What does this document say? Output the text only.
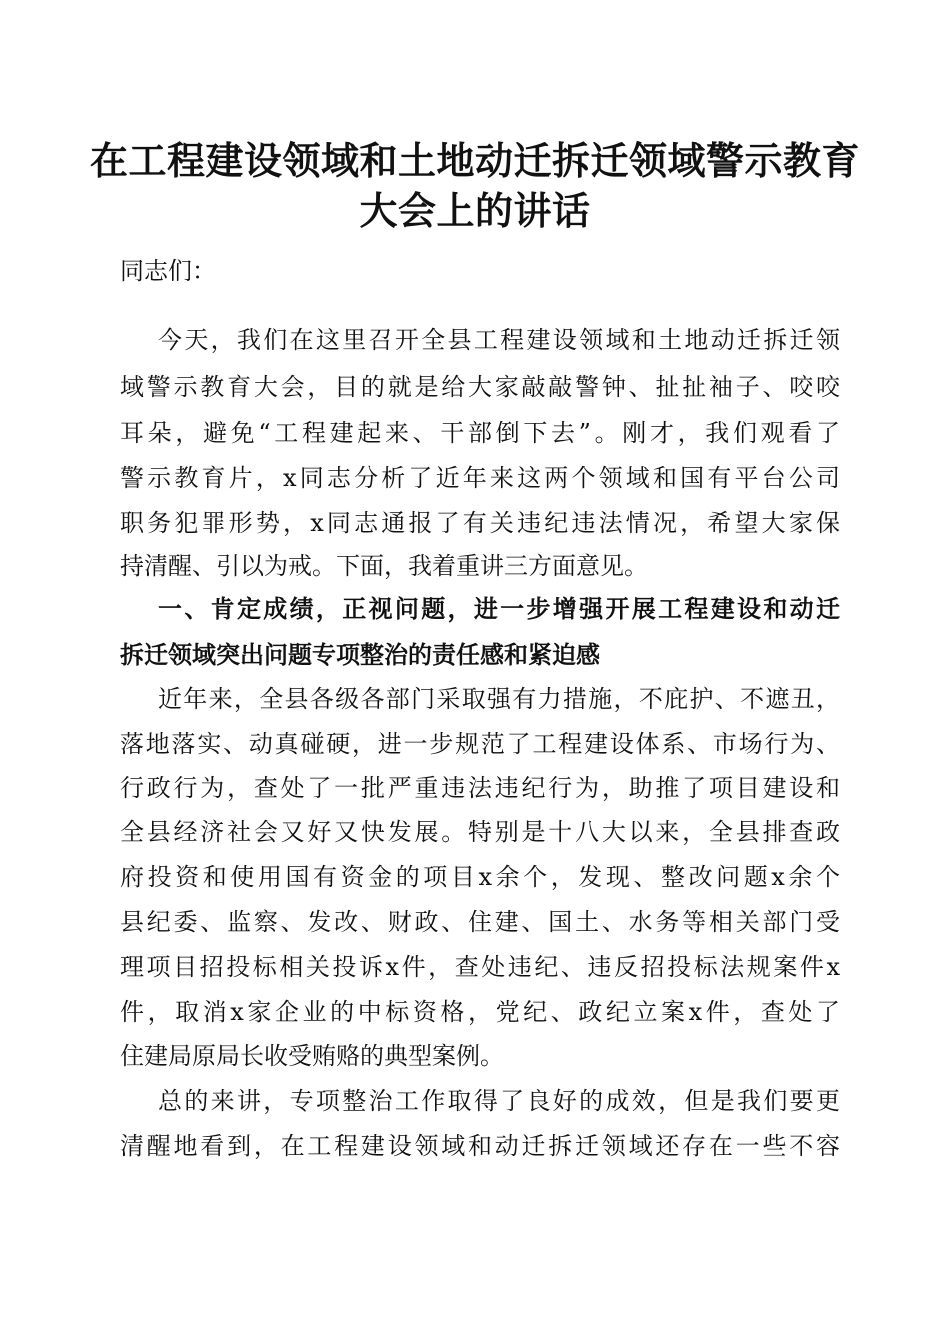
在工程建设领域和土地动迁拆迁领域警示教育
大会上的讲话
同志们：
今天，我们在这里召开全县工程建设领域和土地动迁拆迁领
域警示教育大会，目的就是给大家敲敲警钟、扯扯袖子、咬咬
耳朵，避免“工程建起来、干部倒下去”。刚才，我们观看了
警示教育片，x同志分析了近年来这两个领域和国有平台公司
职务犯罪形势，x同志通报了有关违纪违法情况，希望大家保
持清醒、引以为戒。下面，我着重讲三方面意见。
一、肯定成绩，正视问题，进一步增强开展工程建设和动迁
拆迁领域突出问题专项整治的责任感和紧迫感
近年来，全县各级各部门采取强有力措施，不庇护、不遮丑，
落地落实、动真碰硬，进一步规范了工程建设体系、市场行为、
行政行为，查处了一批严重违法违纪行为，助推了项目建设和
全县经济社会又好又快发展。特别是十八大以来，全县排查政
府投资和使用国有资金的项目x余个，发现、整改问题x余个
县纪委、监察、发改、财政、住建、国土、水务等相关部门受
理项目招投标相关投诉x件，查处违纪、违反招投标法规案件x
件，取消x家企业的中标资格，党纪、政纪立案x件，查处了
住建局原局长收受贿赂的典型案例。
总的来讲，专项整治工作取得了良好的成效，但是我们要更
清醒地看到，在工程建设领域和动迁拆迁领域还存在一些不容
